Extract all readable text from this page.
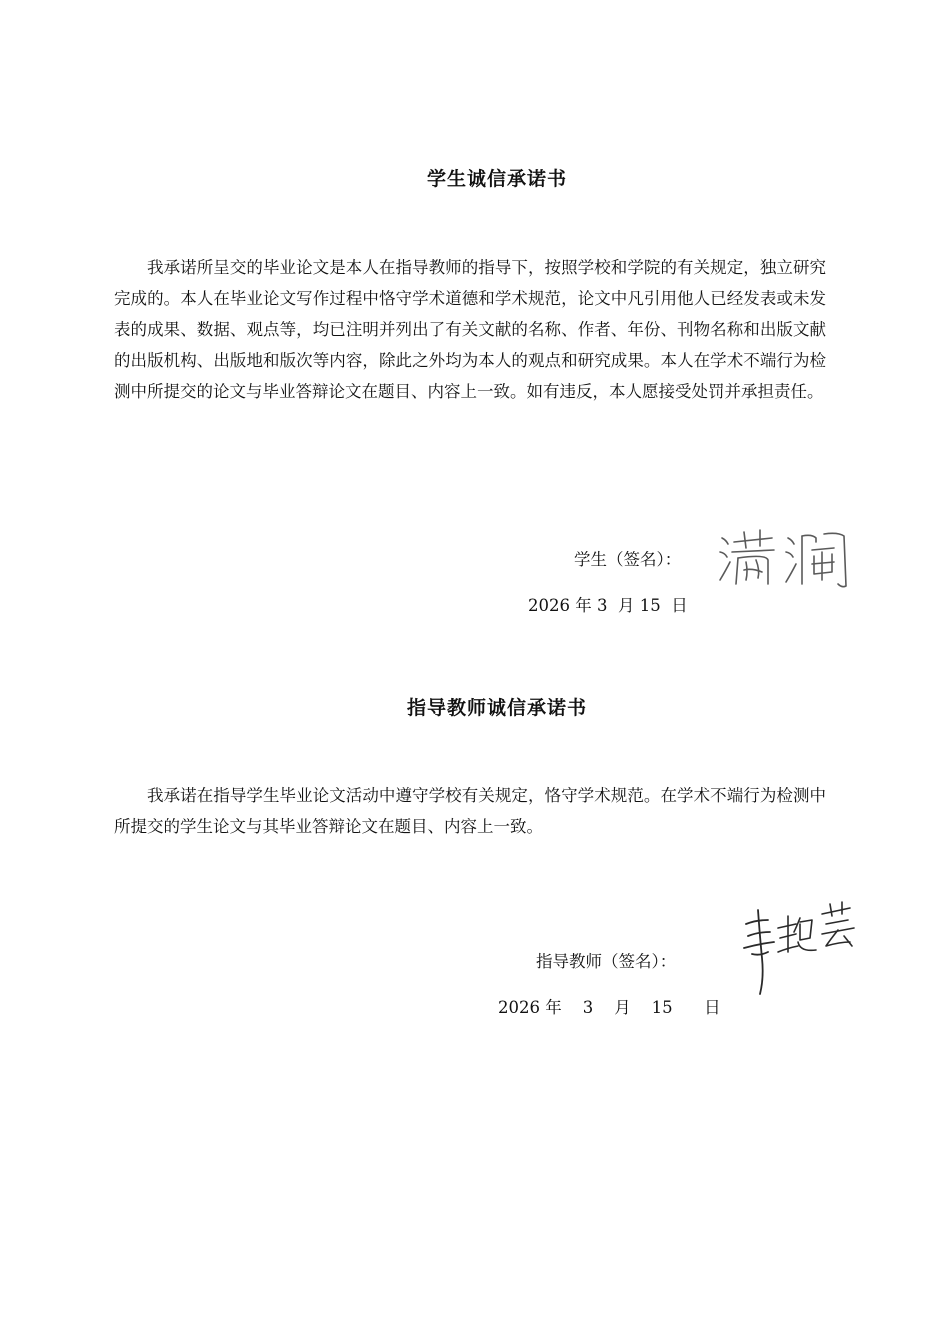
学生诚信承诺书

我承诺所呈交的毕业论文是本人在指导教师的指导下，按照学校和学院的有关规定，独立研究完成的。本人在毕业论文写作过程中恪守学术道德和学术规范，论文中凡引用他人已经发表或未发表的成果、数据、观点等，均已注明并列出了有关文献的名称、作者、年份、刊物名称和出版文献的出版机构、出版地和版次等内容，除此之外均为本人的观点和研究成果。本人在学术不端行为检测中所提交的论文与毕业答辩论文在题目、内容上一致。如有违反，本人愿接受处罚并承担责任。

学生（签名）：

2026 年 3  月 15  日

指导教师诚信承诺书

我承诺在指导学生毕业论文活动中遵守学校有关规定，恪守学术规范。在学术不端行为检测中所提交的学生论文与其毕业答辩论文在题目、内容上一致。

指导教师（签名）：

2026 年    3    月    15      日
